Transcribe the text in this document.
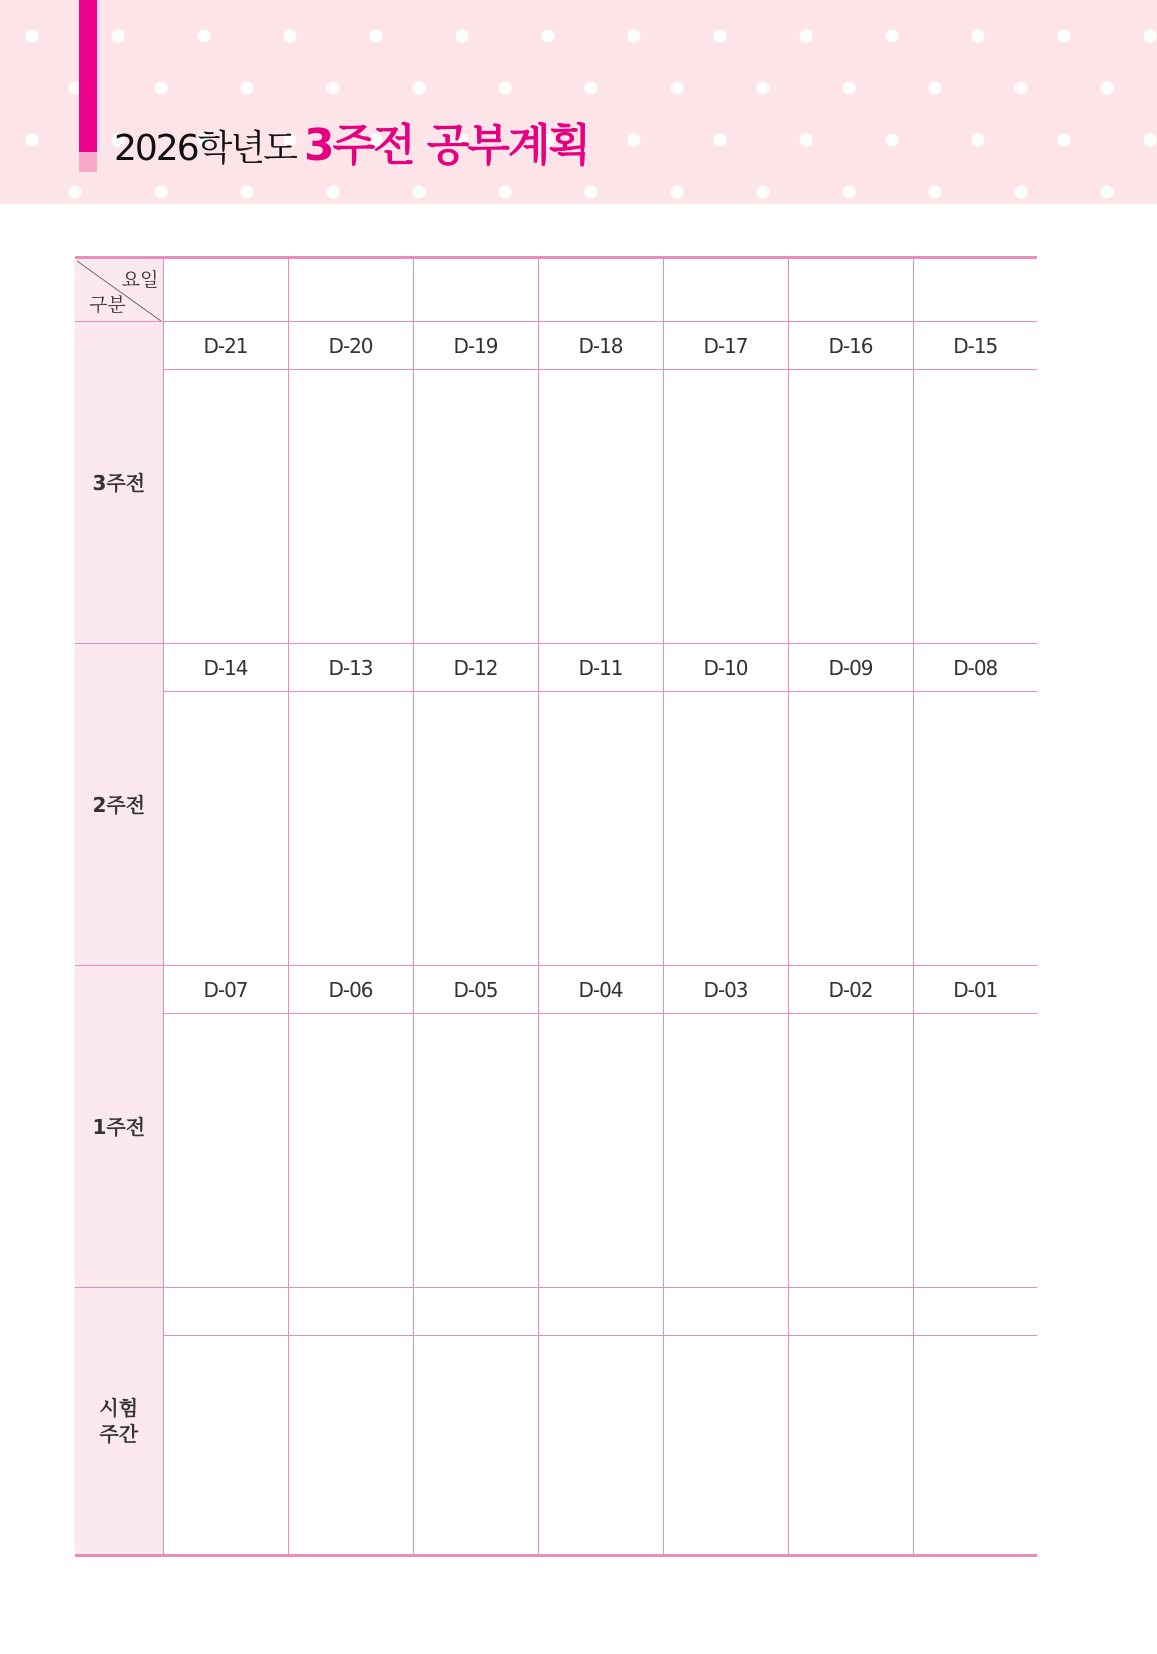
2026학년도 3주전 공부계획
요일
구분							

3주전	D-21	D-20	D-19	D-18	D-17	D-16	D-15

2주전	D-14	D-13	D-12	D-11	D-10	D-09	D-08

1주전	D-07	D-06	D-05	D-04	D-03	D-02	D-01

시험
주간							
